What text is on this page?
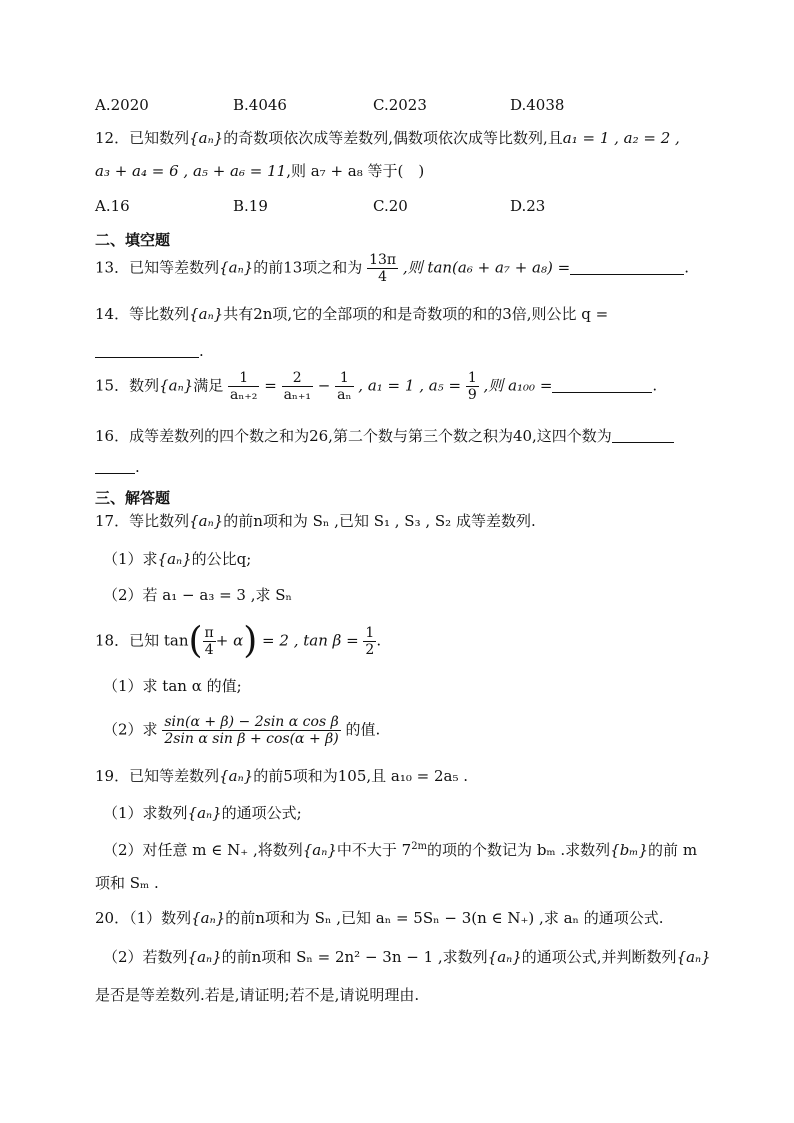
A.2020	B.4046	C.2023	D.4038
12．已知数列{aₙ}的奇数项依次成等差数列,偶数项依次成等比数列,且a₁ = 1 , a₂ = 2 ,
a₃ + a₄ = 6 , a₅ + a₆ = 11,则 a₇ + a₈ 等于(　)
A.16	B.19	C.20	D.23
二、填空题
13．已知等差数列{aₙ}的前13项之和为 $\frac{13\pi}{4}$ ,则 tan(a₆ + a₇ + a₈) =	.
14．等比数列{aₙ}共有2n项,它的全部项的和是奇数项的和的3倍,则公比 q =
.
15．数列{aₙ}满足 $\frac{1}{\text{aₙ₊₂}} = \frac{2}{\text{aₙ₊₁}} - \frac{1}{\text{aₙ}}$ , a₁ = 1 , $a_5 = \frac{1}{9}$ ,则 a₁₀₀ =	.
16．成等差数列的四个数之和为26,第二个数与第三个数之积为40,这四个数为
.
三、解答题
17．等比数列{aₙ}的前n项和为 Sₙ ,已知 S₁ , S₃ , S₂ 成等差数列.
（1）求{aₙ}的公比q;
（2）若 a₁ − a₃ = 3 ,求 Sₙ
18．已知 $\tan( \frac{\pi}{4} + \alpha) = 2$ , $\tan \beta = \frac{1}{2}$ .
（1）求 tan α 的值;
（2）求 $\frac{\text{sin(α + β) − 2sin α cos β}}{\text{2sin α sin β + cos(α + β)}}$ 的值.
19．已知等差数列{aₙ}的前5项和为105,且 a₁₀ = 2a₅ .
（1）求数列{aₙ}的通项公式;
（2）对任意 m ∈ N₊ ,将数列{aₙ}中不大于 $7^{2m}$的项的个数记为 bₘ .求数列{bₘ}的前 m
项和 Sₘ .
20．（1）数列{aₙ}的前n项和为 Sₙ ,已知 aₙ = 5Sₙ − 3(n ∈ N₊) ,求 aₙ 的通项公式.
（2）若数列{aₙ}的前n项和 Sₙ = 2n² − 3n − 1 ,求数列{aₙ}的通项公式,并判断数列{aₙ}
是否是等差数列.若是,请证明;若不是,请说明理由.
